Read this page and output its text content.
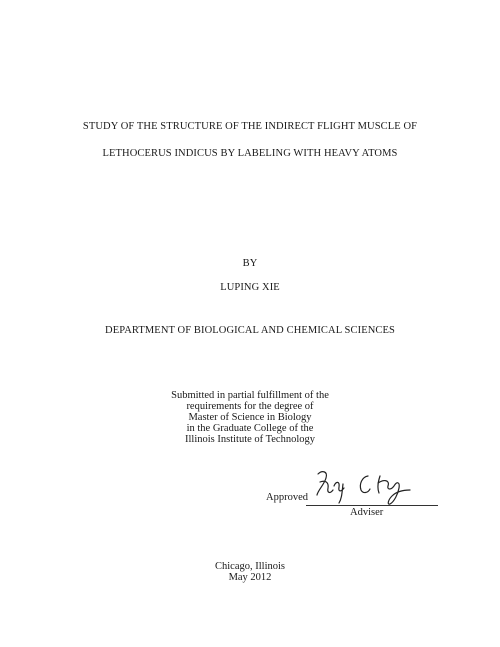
STUDY OF THE STRUCTURE OF THE INDIRECT FLIGHT MUSCLE OF
LETHOCERUS INDICUS BY LABELING WITH HEAVY ATOMS
BY
LUPING XIE
DEPARTMENT OF BIOLOGICAL AND CHEMICAL SCIENCES
Submitted in partial fulfillment of the
requirements for the degree of
Master of Science in Biology
in the Graduate College of the
Illinois Institute of Technology
Approved
Adviser
Chicago, Illinois
May 2012
